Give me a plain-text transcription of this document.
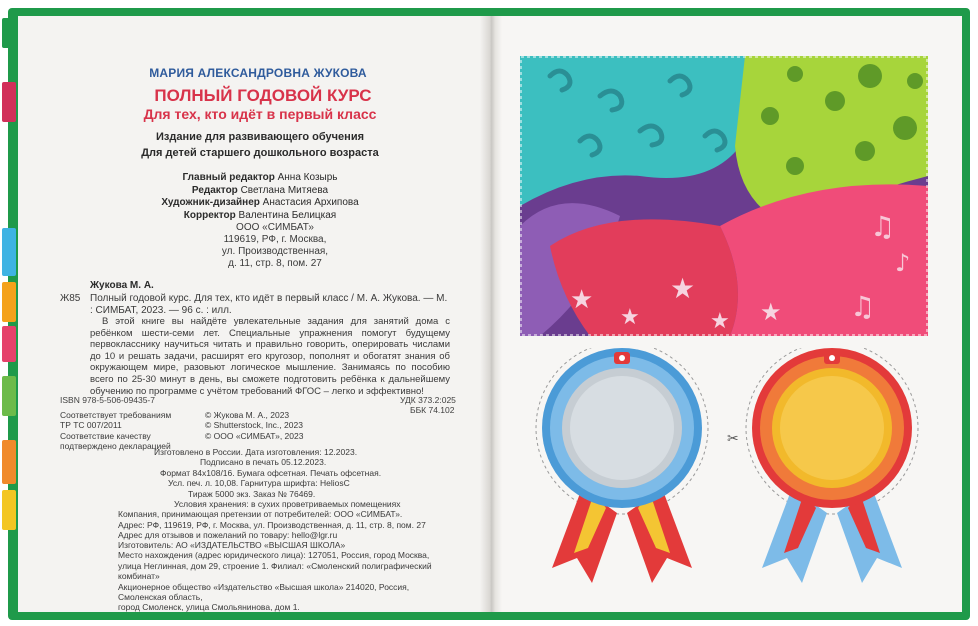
МАРИЯ АЛЕКСАНДРОВНА ЖУКОВА
ПОЛНЫЙ ГОДОВОЙ КУРС
Для тех, кто идёт в первый класс
Издание для развивающего обучения
Для детей старшего дошкольного возраста
Главный редактор Анна Козырь
Редактор Светлана Митяева
Художник-дизайнер Анастасия Архипова
Корректор Валентина Белицкая
ООО «СИМБАТ»
119619, РФ, г. Москва,
ул. Производственная,
д. 11, стр. 8, пом. 27
Жукова М. А.
Ж85 Полный годовой курс. Для тех, кто идёт в первый класс / М. А. Жукова. — М. : СИМБАТ, 2023. — 96 с. : илл.
В этой книге вы найдёте увлекательные задания для занятий дома с ребёнком шести-семи лет. Специальные упражнения помогут будущему первокласснику научиться читать и правильно говорить, оперировать числами до 10 и решать задачи, расширят его кругозор, пополнят и обогатят знания об окружающем мире, разовьют логическое мышление. Занимаясь по пособию всего по 25-30 минут в день, вы сможете подготовить ребёнка к дальнейшему обучению по программе с учётом требований ФГОС – легко и эффективно!
ISBN 978-5-506-09435-7	УДК 373.2:025
ББК 74.102
Соответствует требованиям
ТР ТС 007/2011
Соответствие качеству
подтверждено декларацией
© Жукова М. А., 2023
© Shutterstock, Inc., 2023
© ООО «СИМБАТ», 2023
Изготовлено в России. Дата изготовления: 12.2023.
Подписано в печать 05.12.2023.
Формат 84х108/16. Бумага офсетная. Печать офсетная.
Усл. печ. л. 10,08. Гарнитура шрифта: HeliosC
Тираж 5000 экз. Заказ № 76469.
Условия хранения: в сухих проветриваемых помещениях
Компания, принимающая претензии от потребителей: ООО «СИМБАТ».
Адрес: РФ, 119619, РФ, г. Москва, ул. Производственная, д. 11, стр. 8, пом. 27
Адрес для отзывов и пожеланий по товару: hello@lgr.ru
Изготовитель: АО «ИЗДАТЕЛЬСТВО «ВЫСШАЯ ШКОЛА»
Место нахождения (адрес юридического лица): 127051, Россия, город Москва,
улица Неглинная, дом 29, строение 1. Филиал: «Смоленский полиграфический комбинат»
Акционерное общество «Издательство «Высшая школа» 214020, Россия, Смоленская область,
город Смоленск, улица Смольянинова, дом 1.
♫
♪
♫
★
★
★
★ ★
✂
